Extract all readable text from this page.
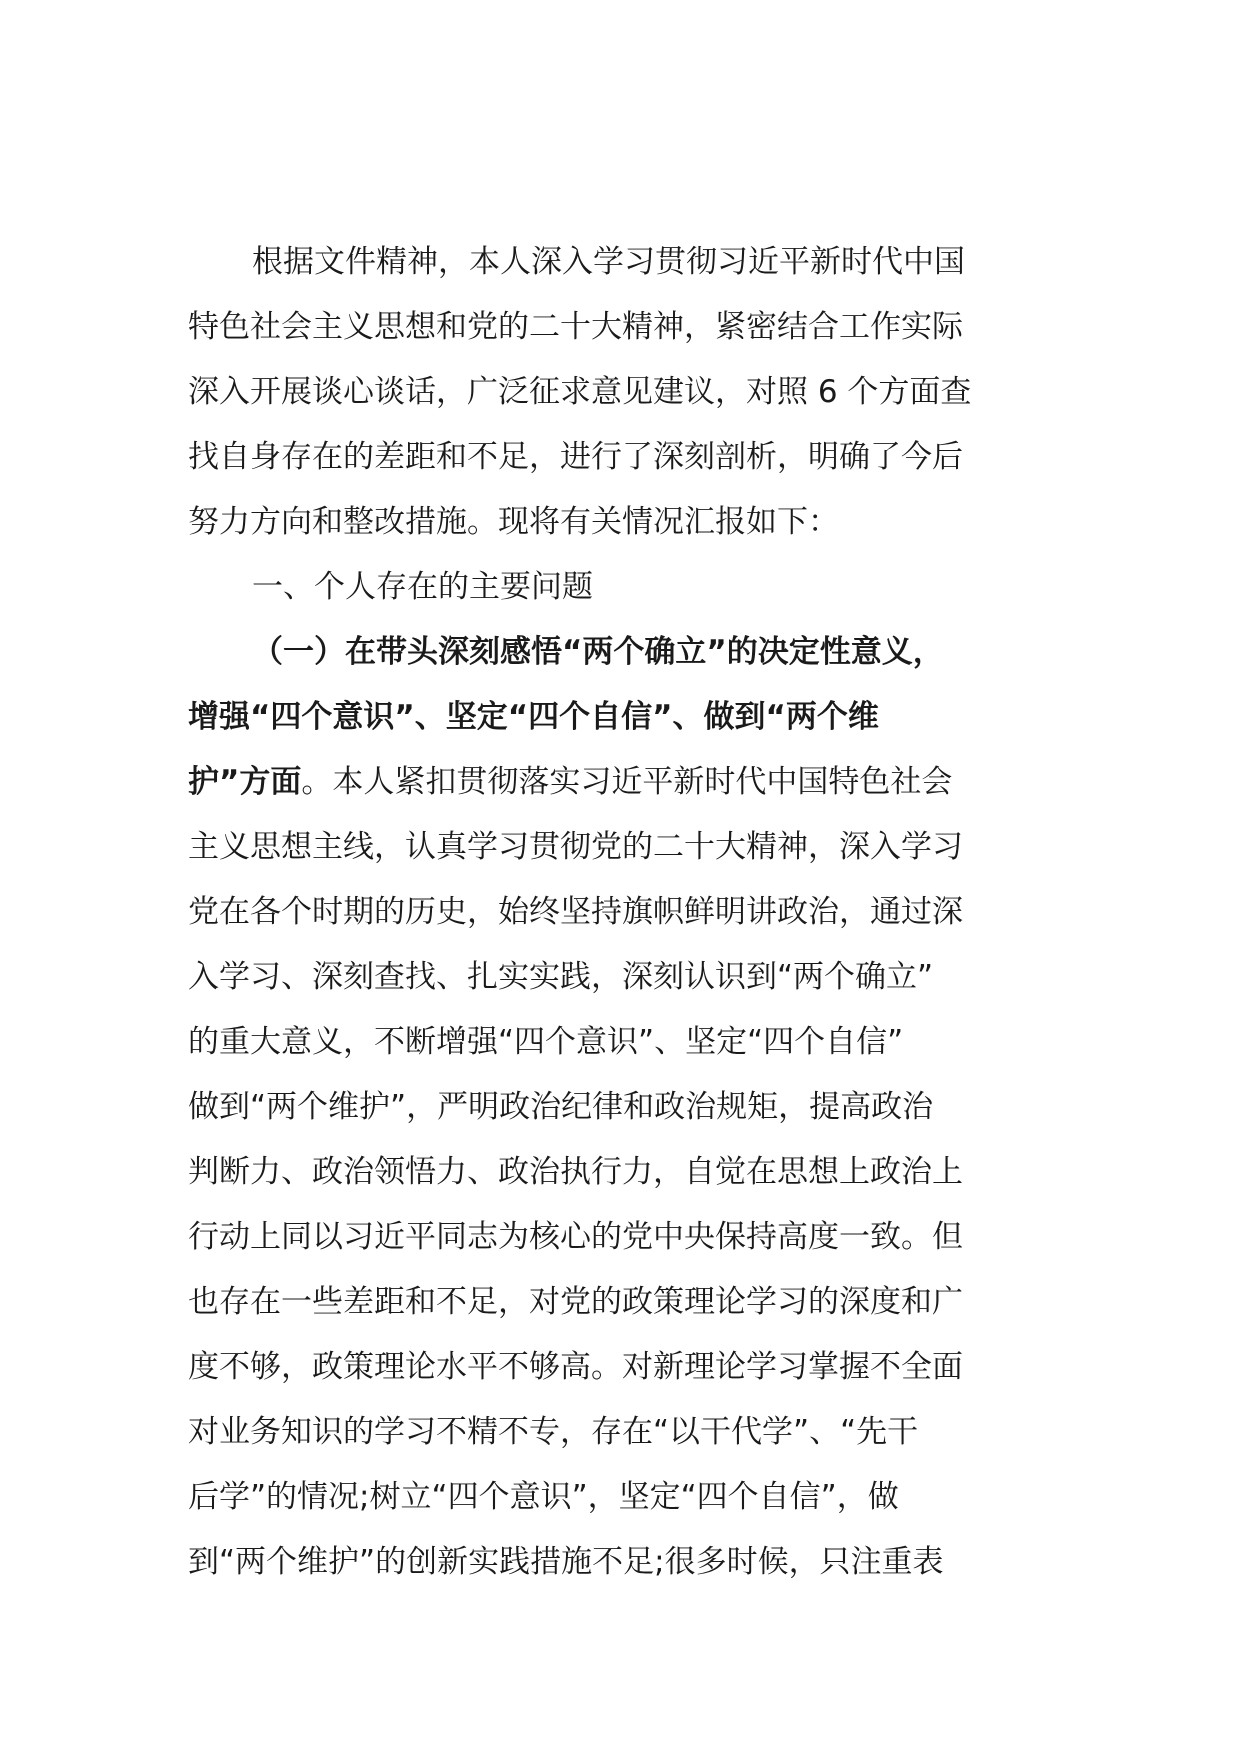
根据文件精神，本人深入学习贯彻习近平新时代中国
特色社会主义思想和党的二十大精神，紧密结合工作实际
深入开展谈心谈话，广泛征求意见建议，对照 6 个方面查
找自身存在的差距和不足，进行了深刻剖析，明确了今后
努力方向和整改措施。现将有关情况汇报如下：
一、个人存在的主要问题
（一）在带头深刻感悟“两个确立”的决定性意义，
增强“四个意识”、坚定“四个自信”、做到“两个维
护”方面。本人紧扣贯彻落实习近平新时代中国特色社会
主义思想主线，认真学习贯彻党的二十大精神，深入学习
党在各个时期的历史，始终坚持旗帜鲜明讲政治，通过深
入学习、深刻查找、扎实实践，深刻认识到“两个确立”
的重大意义，不断增强“四个意识”、坚定“四个自信”
做到“两个维护”，严明政治纪律和政治规矩，提高政治
判断力、政治领悟力、政治执行力，自觉在思想上政治上
行动上同以习近平同志为核心的党中央保持高度一致。但
也存在一些差距和不足，对党的政策理论学习的深度和广
度不够，政策理论水平不够高。对新理论学习掌握不全面
对业务知识的学习不精不专，存在“以干代学”、“先干
后学”的情况;树立“四个意识”，坚定“四个自信”，做
到“两个维护”的创新实践措施不足;很多时候，只注重表
